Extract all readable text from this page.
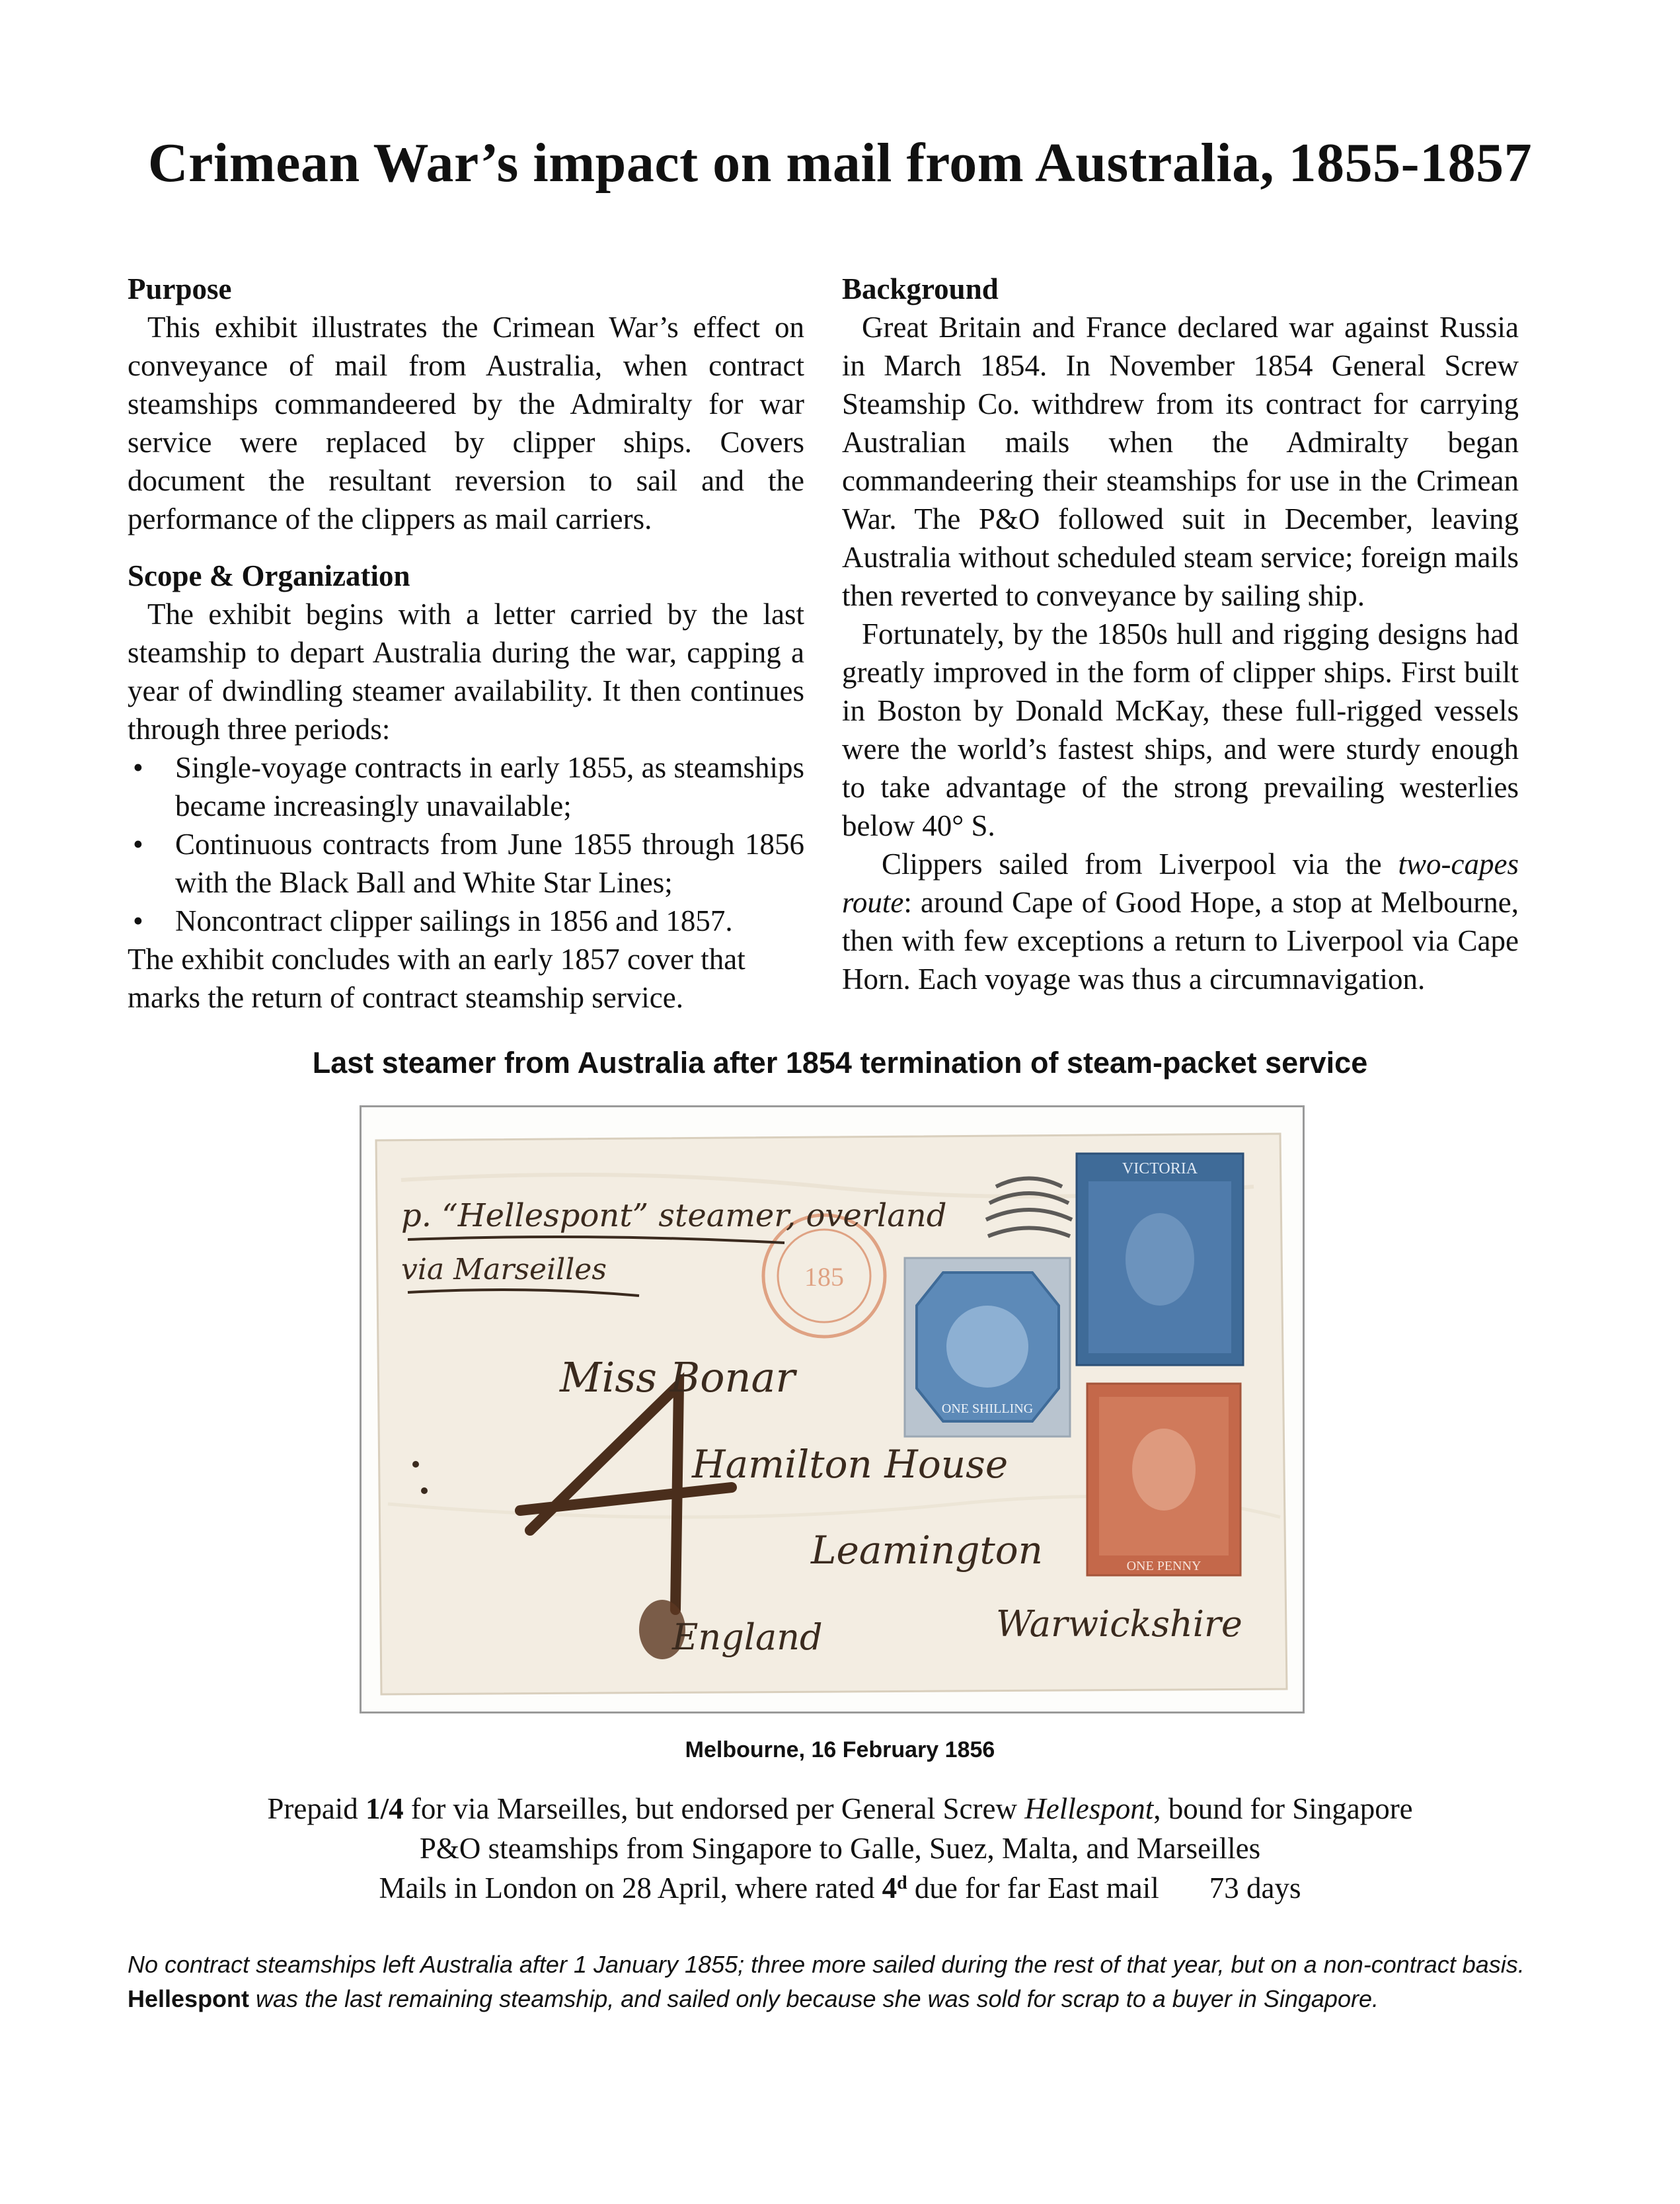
Crimean War’s impact on mail from Australia, 1855-1857

Purpose

This exhibit illustrates the Crimean War’s effect on conveyance of mail from Australia, when contract steamships commandeered by the Admiralty for war service were replaced by clipper ships. Covers document the resultant reversion to sail and the performance of the clippers as mail carriers.

Scope & Organization

The exhibit begins with a letter carried by the last steamship to depart Australia during the war, capping a year of dwindling steamer availability. It then continues through three periods:

• Single-voyage contracts in early 1855, as steamships became increasingly unavailable;
• Continuous contracts from June 1855 through 1856 with the Black Ball and White Star Lines;
• Noncontract clipper sailings in 1856 and 1857.

The exhibit concludes with an early 1857 cover that marks the return of contract steamship service.

Background

Great Britain and France declared war against Russia in March 1854. In November 1854 General Screw Steamship Co. withdrew from its contract for carrying Australian mails when the Admiralty began commandeering their steamships for use in the Crimean War. The P&O followed suit in December, leaving Australia without scheduled steam service; foreign mails then reverted to conveyance by sailing ship.

Fortunately, by the 1850s hull and rigging designs had greatly improved in the form of clipper ships. First built in Boston by Donald McKay, these full-rigged vessels were the world’s fastest ships, and were sturdy enough to take advantage of the strong prevailing westerlies below 40° S.

Clippers sailed from Liverpool via the two-capes route: around Cape of Good Hope, a stop at Melbourne, then with few exceptions a return to Liverpool via Cape Horn. Each voyage was thus a circumnavigation.

Last steamer from Australia after 1854 termination of steam-packet service
185
VICTORIA
ONE SHILLING
ONE PENNY
p. “Hellespont” steamer, overland
via Marseilles
Miss Bonar
Hamilton House
Leamington
England	Warwickshire
Melbourne, 16 February 1856
Prepaid 1/4 for via Marseilles, but endorsed per General Screw Hellespont, bound for Singapore
P&O steamships from Singapore to Galle, Suez, Malta, and Marseilles
Mails in London on 28 April, where rated 4$^d$ due for far East mail 73 days
No contract steamships left Australia after 1 January 1855; three more sailed during the rest of that year, but on a non-contract basis. Hellespont was the last remaining steamship, and sailed only because she was sold for scrap to a buyer in Singapore.
